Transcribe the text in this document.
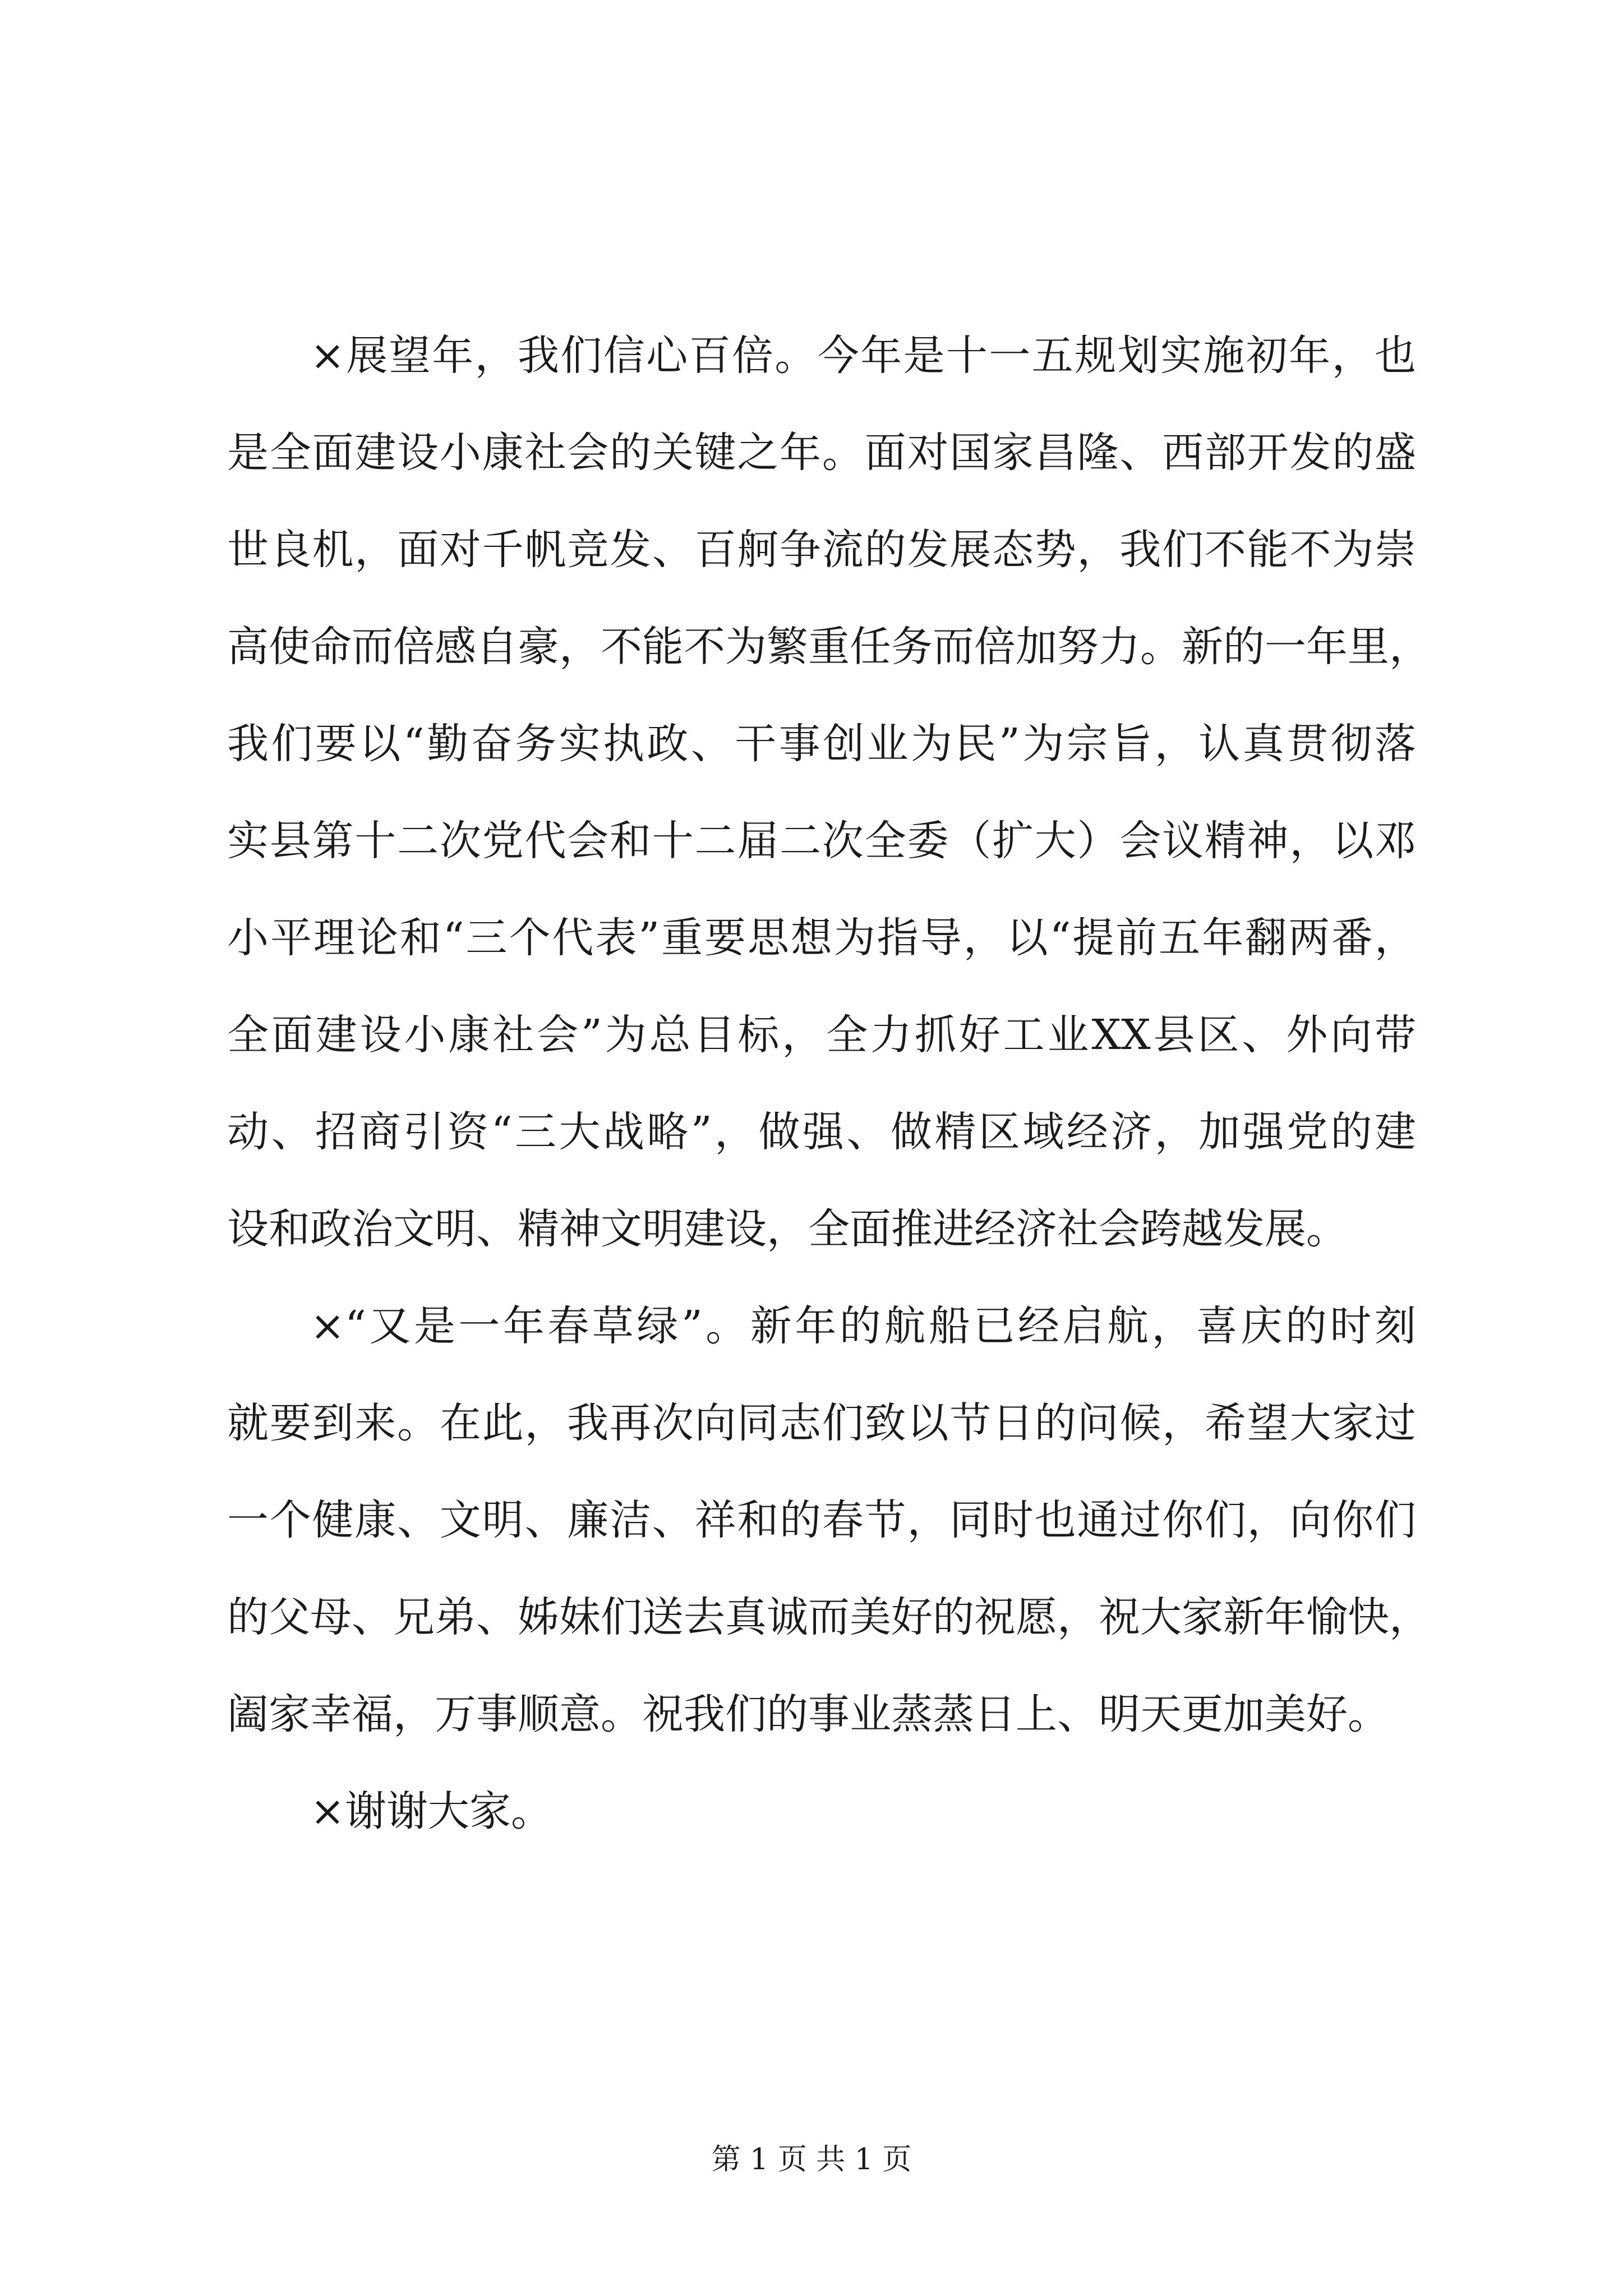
×展望年，我们信心百倍。今年是十一五规划实施初年，也
是全面建设小康社会的关键之年。面对国家昌隆、西部开发的盛
世良机，面对千帆竞发、百舸争流的发展态势，我们不能不为崇
高使命而倍感自豪，不能不为繁重任务而倍加努力。新的一年里，
我们要以“勤奋务实执政、干事创业为民”为宗旨，认真贯彻落
实县第十二次党代会和十二届二次全委（扩大）会议精神，以邓
小平理论和“三个代表”重要思想为指导，以“提前五年翻两番，
全面建设小康社会”为总目标，全力抓好工业XX县区、外向带
动、招商引资“三大战略”，做强、做精区域经济，加强党的建
设和政治文明、精神文明建设，全面推进经济社会跨越发展。
×“又是一年春草绿”。新年的航船已经启航，喜庆的时刻
就要到来。在此，我再次向同志们致以节日的问候，希望大家过
一个健康、文明、廉洁、祥和的春节，同时也通过你们，向你们
的父母、兄弟、姊妹们送去真诚而美好的祝愿，祝大家新年愉快，
阖家幸福，万事顺意。祝我们的事业蒸蒸日上、明天更加美好。
×谢谢大家。
第 1 页 共 1 页
